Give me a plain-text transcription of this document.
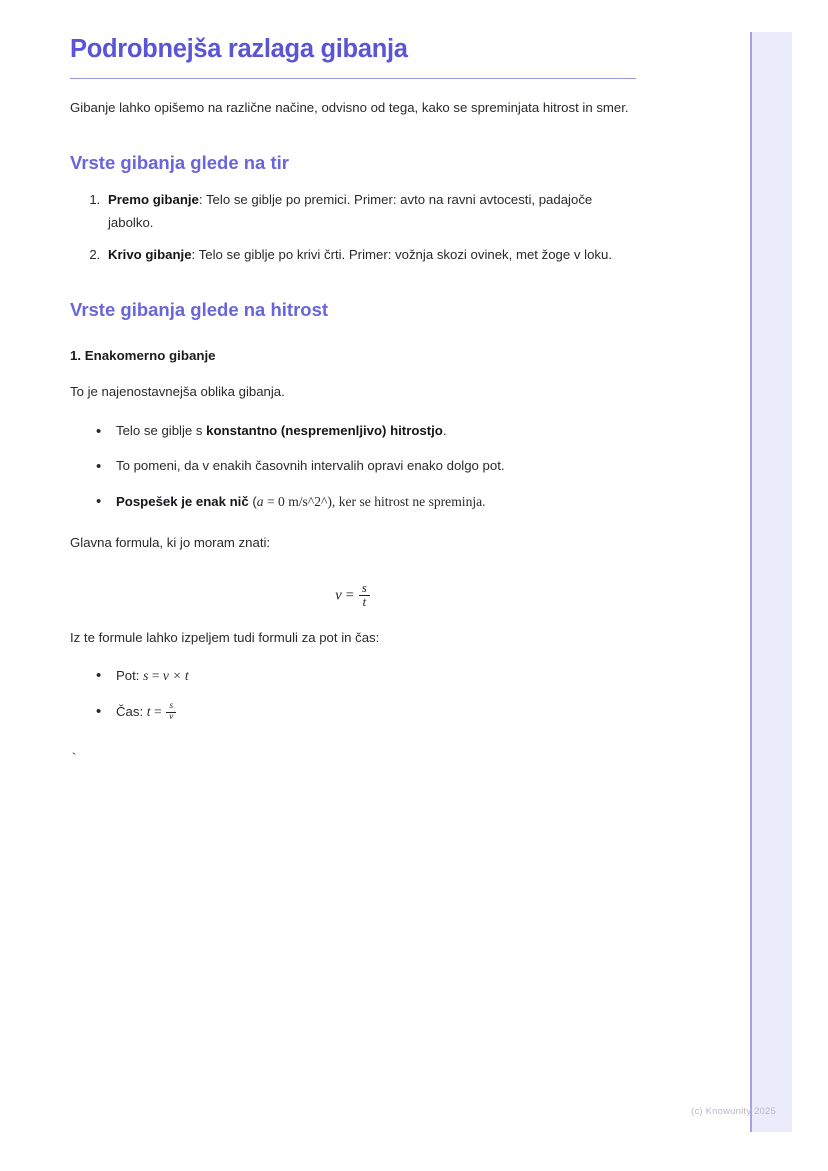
Podrobnejša razlaga gibanja

Gibanje lahko opišemo na različne načine, odvisno od tega, kako se spreminjata hitrost in smer.

Vrste gibanja glede na tir
1. Premo gibanje: Telo se giblje po premici. Primer: avto na ravni avtocesti, padajoče jabolko.
2. Krivo gibanje: Telo se giblje po krivi črti. Primer: vožnja skozi ovinek, met žoge v loku.
Vrste gibanja glede na hitrost
1. Enakomerno gibanje

To je najenostavnejša oblika gibanja.

• Telo se giblje s konstantno (nespremenljivo) hitrostjo.
• To pomeni, da v enakih časovnih intervalih opravi enako dolgo pot.
• Pospešek je enak nič (a = 0 m/s^2^), ker se hitrost ne spreminja.

Glavna formula, ki jo moram znati:

$v = \frac{s}{t}$

Iz te formule lahko izpeljem tudi formuli za pot in čas:

• Pot: s = v × t
• Čas: $t = \frac{s}{v}$
`
(c) Knowunity 2025
